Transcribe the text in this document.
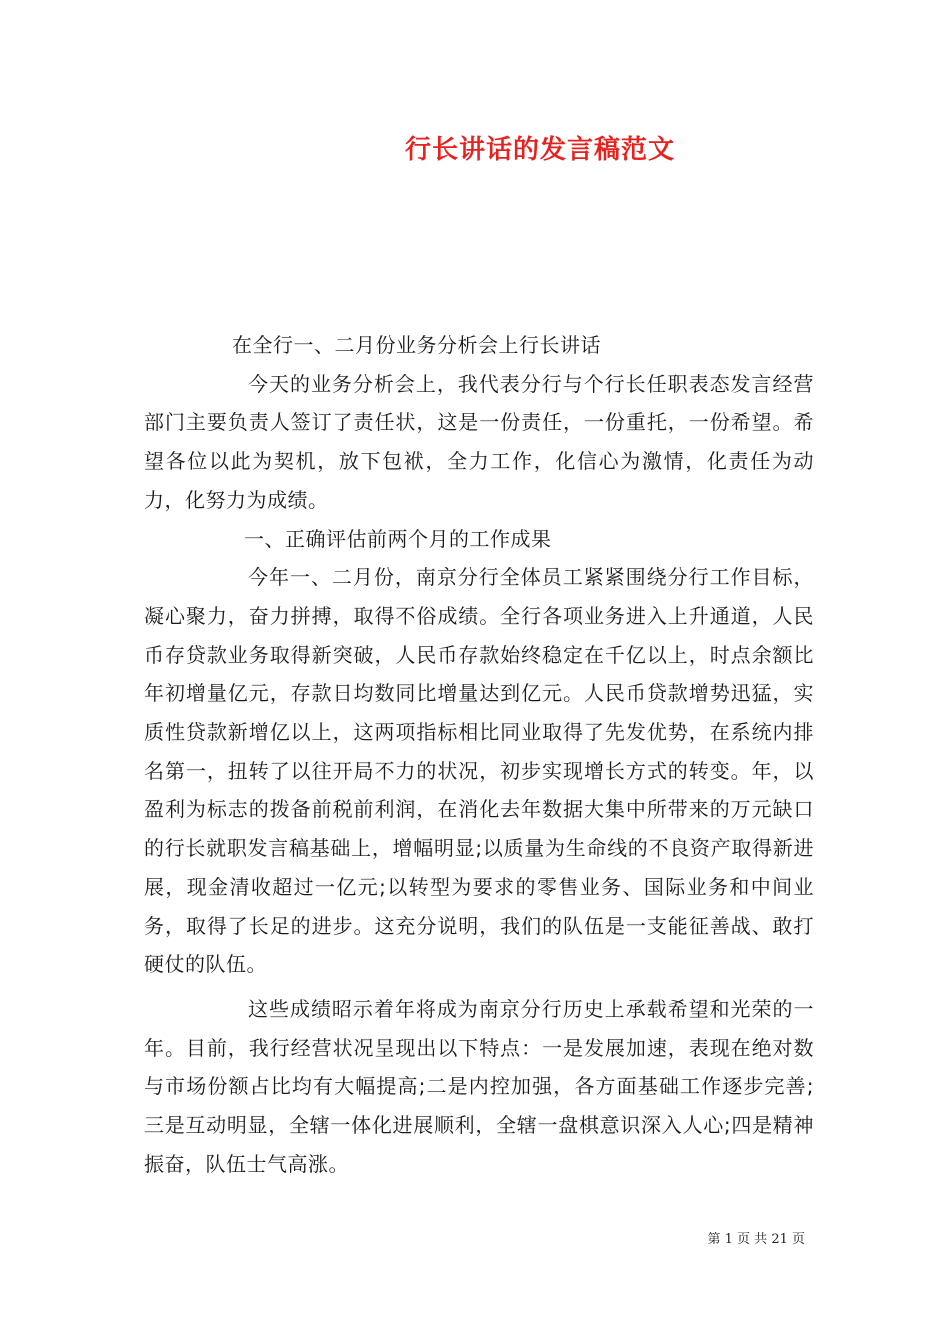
行长讲话的发言稿范文

在全行一、二月份业务分析会上行长讲话

今天的业务分析会上，我代表分行与个行长任职表态发言经营部门主要负责人签订了责任状，这是一份责任，一份重托，一份希望。希望各位以此为契机，放下包袱，全力工作，化信心为激情，化责任为动力，化努力为成绩。

一、正确评估前两个月的工作成果

今年一、二月份，南京分行全体员工紧紧围绕分行工作目标，凝心聚力，奋力拼搏，取得不俗成绩。全行各项业务进入上升通道，人民币存贷款业务取得新突破，人民币存款始终稳定在千亿以上，时点余额比年初增量亿元，存款日均数同比增量达到亿元。人民币贷款增势迅猛，实质性贷款新增亿以上，这两项指标相比同业取得了先发优势，在系统内排名第一，扭转了以往开局不力的状况，初步实现增长方式的转变。年，以盈利为标志的拨备前税前利润，在消化去年数据大集中所带来的万元缺口的行长就职发言稿基础上，增幅明显;以质量为生命线的不良资产取得新进展，现金清收超过一亿元;以转型为要求的零售业务、国际业务和中间业务，取得了长足的进步。这充分说明，我们的队伍是一支能征善战、敢打硬仗的队伍。

这些成绩昭示着年将成为南京分行历史上承载希望和光荣的一年。目前，我行经营状况呈现出以下特点：一是发展加速，表现在绝对数与市场份额占比均有大幅提高;二是内控加强，各方面基础工作逐步完善;三是互动明显，全辖一体化进展顺利，全辖一盘棋意识深入人心;四是精神振奋，队伍士气高涨。

第 1 页 共 21 页
